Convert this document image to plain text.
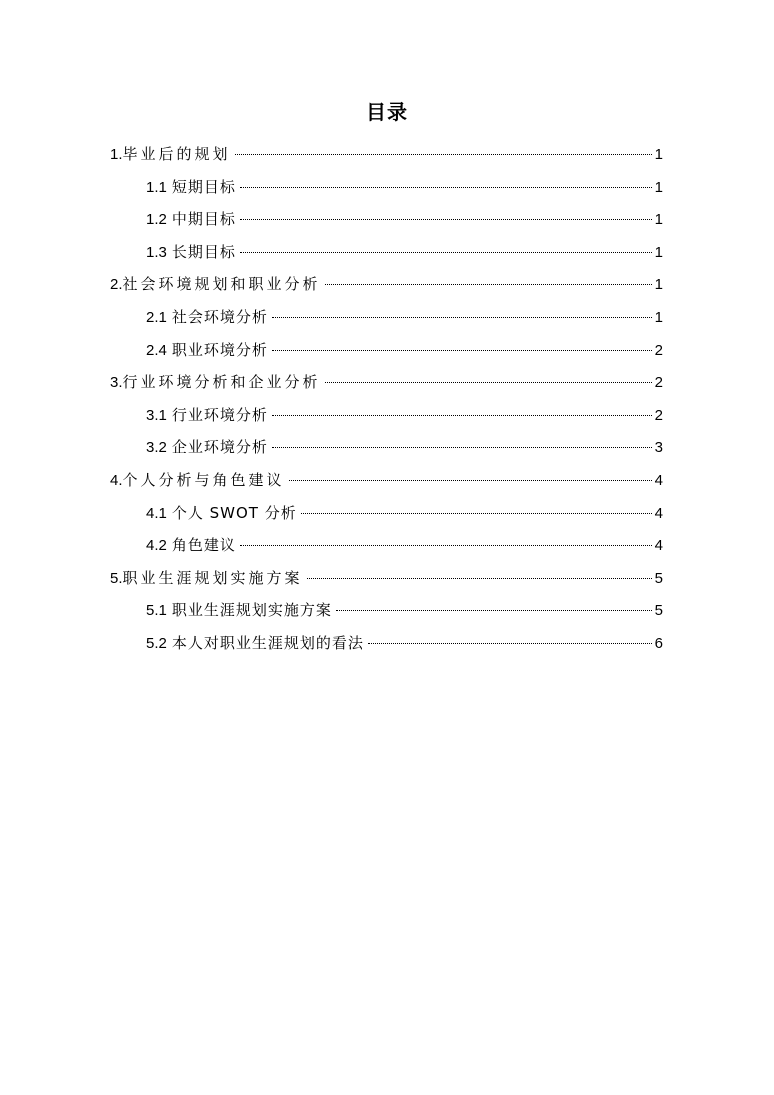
目录
1. 毕业后的规划	1
1.1 短期目标	1
1.2 中期目标	1
1.3 长期目标	1
2. 社会环境规划和职业分析	1
2.1 社会环境分析	1
2.4 职业环境分析	2
3. 行业环境分析和企业分析	2
3.1 行业环境分析	2
3.2 企业环境分析	3
4. 个人分析与角色建议	4
4.1 个人 SWOT 分析	4
4.2 角色建议	4
5. 职业生涯规划实施方案	5
5.1 职业生涯规划实施方案	5
5.2 本人对职业生涯规划的看法	6
